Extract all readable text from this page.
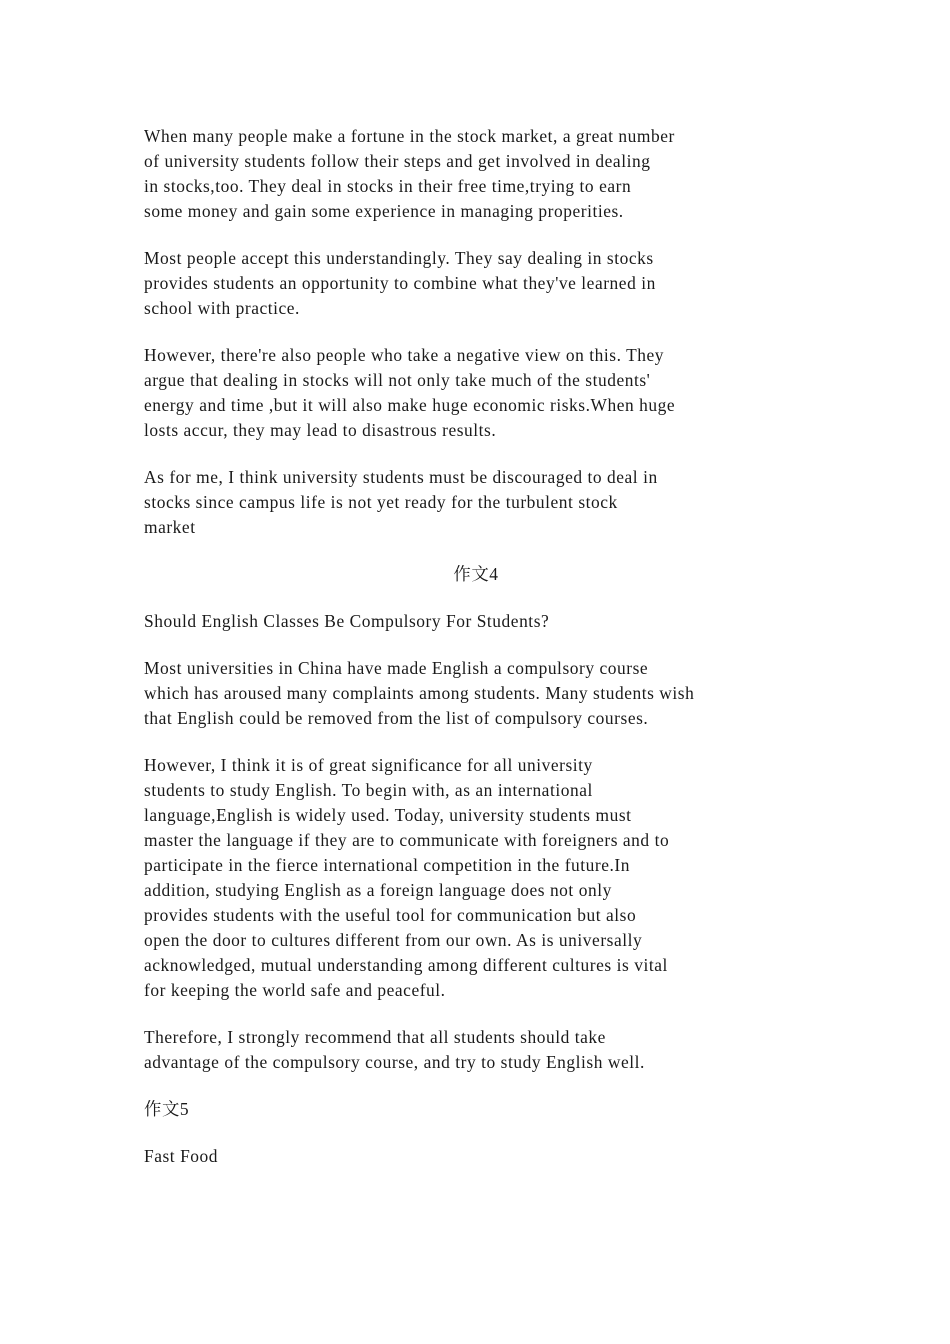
When many people make a fortune in the stock market, a great number
of university students follow their steps and get involved in dealing
in stocks,too. They deal in stocks in their free time,trying to earn
some money and gain some experience in managing properities.

Most people accept this understandingly. They say dealing in stocks
provides students an opportunity to combine what they've learned in
school with practice.

However, there're also people who take a negative view on this. They
argue that dealing in stocks will not only take much of the students'
energy and time ,but it will also make huge economic risks.When huge
losts accur, they may lead to disastrous results.

As for me, I think university students must be discouraged to deal in
stocks since campus life is not yet ready for the turbulent stock
market

作文4
Should English Classes Be Compulsory For Students?

Most universities in China have made English a compulsory course
which has aroused many complaints among students. Many students wish
that English could be removed from the list of compulsory courses.

However, I think it is of great significance for all university
students to study English. To begin with, as an international
language,English is widely used. Today, university students must
master the language if they are to communicate with foreigners and to
participate in the fierce international competition in the future.In
addition, studying English as a foreign language does not only
provides students with the useful tool for communication but also
open the door to cultures different from our own. As is universally
acknowledged, mutual understanding among different cultures is vital
for keeping the world safe and peaceful.

Therefore, I strongly recommend that all students should take
advantage of the compulsory course, and try to study English well.

作文5
Fast Food
